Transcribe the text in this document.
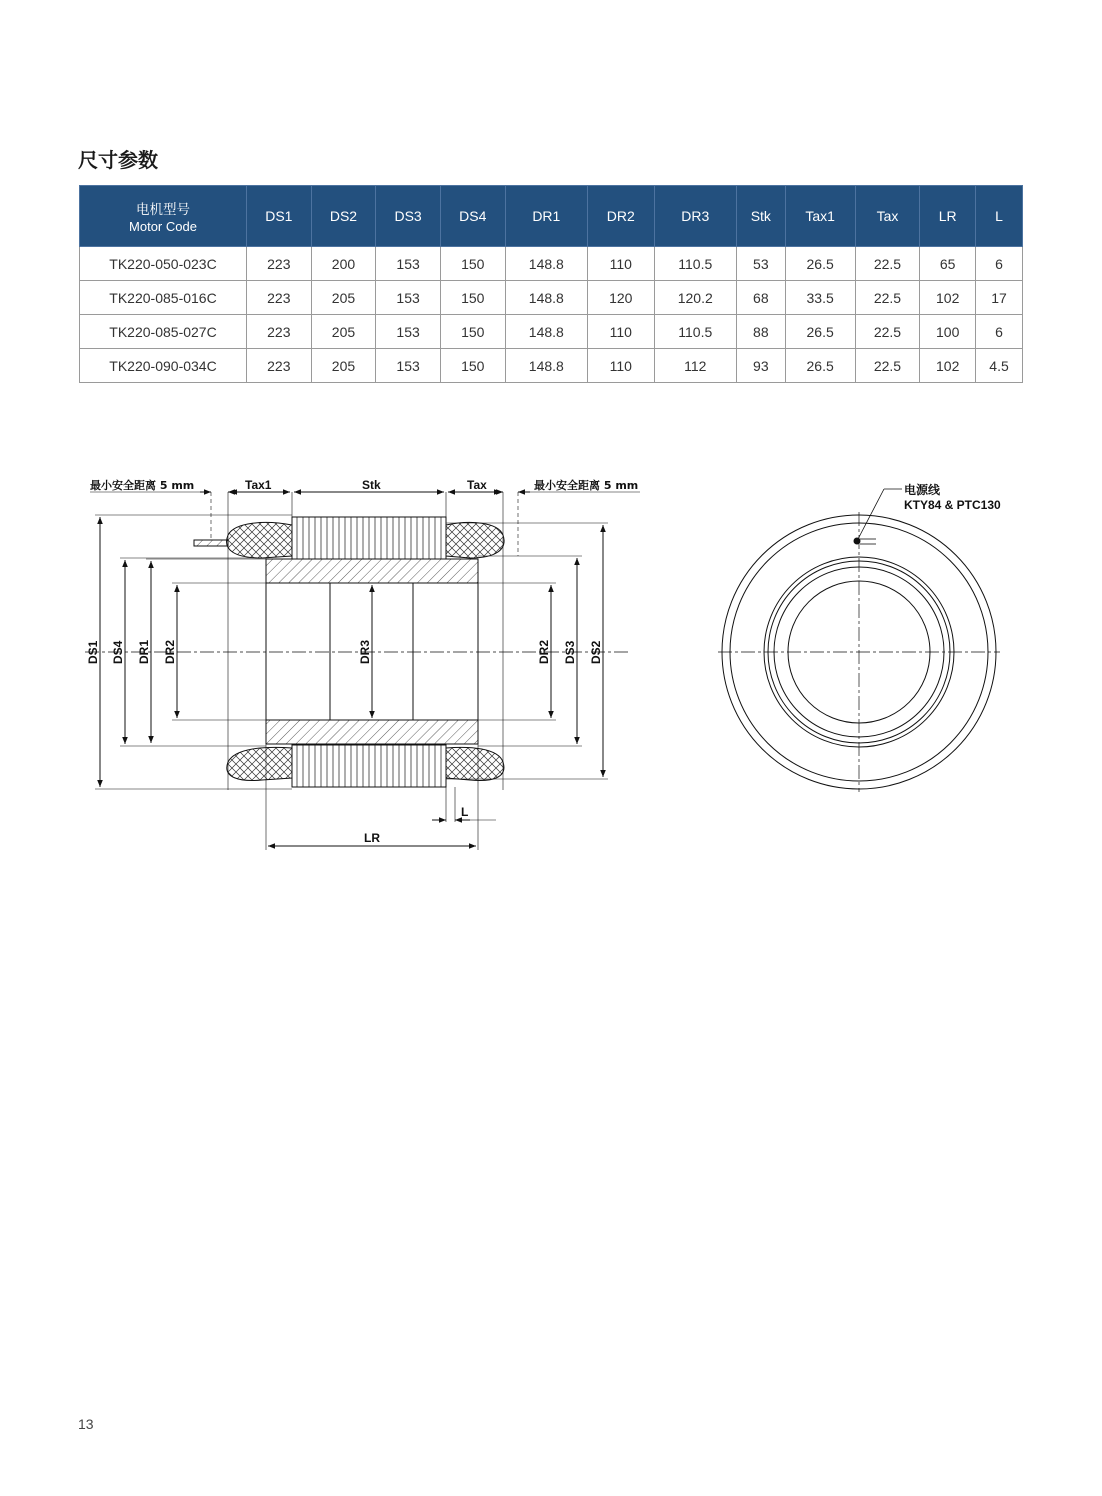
尺寸参数
电机型号
Motor Code	DS1	DS2	DS3	DS4	DR1	DR2	DR3	Stk	Tax1	Tax	LR	L
TK220-050-023C	223	200	153	150	148.8	110	110.5	53	26.5	22.5	65	6
TK220-085-016C	223	205	153	150	148.8	120	120.2	68	33.5	22.5	102	17
TK220-085-027C	223	205	153	150	148.8	110	110.5	88	26.5	22.5	100	6
TK220-090-034C	223	205	153	150	148.8	110	112	93	26.5	22.5	102	4.5
最小安全距离 5 mm	Tax1	Stk	Tax	最小安全距离 5 mm
DS1 DS4 DR1 DR2	DR3	DR2 DS3 DS2
L
LR
电源线
KTY84 & PTC130
13
